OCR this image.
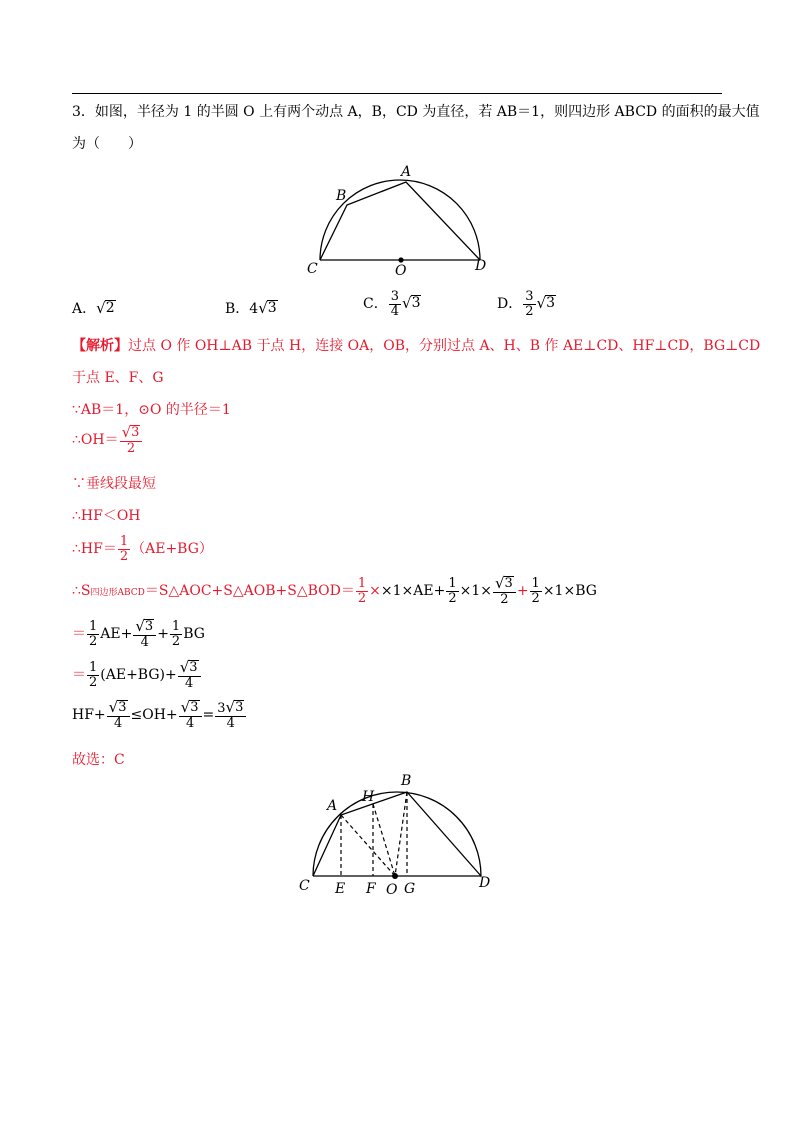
3．如图，半径为 1 的半圆 O 上有两个动点 A，B，CD 为直径，若 AB＝1，则四边形 ABCD 的面积的最大值
为（　　）
A
B
C	D
O
A． √ 2	B．4 √ 3	C． $\frac{3}{4}$ √ 3	D． $\frac{3}{2}$ √ 3
【解析】过点 O 作 OH⊥AB 于点 H，连接 OA，OB，分别过点 A、H、B 作 AE⊥CD、HF⊥CD，BG⊥CD
于点 E、F、G
∵AB＝1，⊙O 的半径＝1
∴OH＝ $\frac{√ 3}{2}$
∵垂线段最短
∴HF＜OH
∴HF＝ $\frac{1}{2} (AE+BG)$
∴S四边形ABCD＝S△AOC+S△AOB+S△BOD＝ $\frac{1}{2} \times\times 1\times AE+ \frac{1}{2} \times 1\times \frac{√ 3}{2} + \frac{1}{2} \times 1\times BG$
＝ $\frac{1}{2} AE+ \frac{√ 3}{4} + \frac{1}{2}$ BG
＝ $\frac{1}{2} (AE+BG)+ \frac{√ 3}{4}$
$HF+ \frac{√ 3}{4} \le OH+ \frac{√ 3}{4} = \frac{3 √ 3}{4}$
故选：C
A
H
B
C E F O G	D
